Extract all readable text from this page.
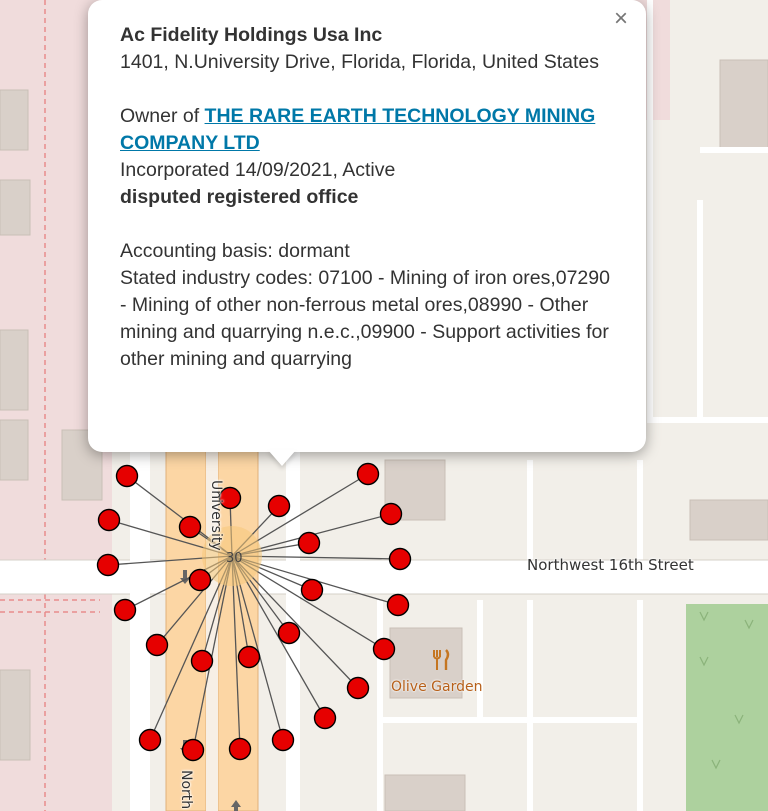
30
University
North
Northwest 16th Street
Olive Garden
×
Ac Fidelity Holdings Usa Inc
1401, N.University Drive, Florida, Florida, United States
Owner of THE RARE EARTH TECHNOLOGY MINING COMPANY LTD
Incorporated 14/09/2021, Active
disputed registered office
Accounting basis: dormant
Stated industry codes: 07100 - Mining of iron ores,07290 - Mining of other non-ferrous metal ores,08990 - Other mining and quarrying n.e.c.,09900 - Support activities for other mining and quarrying
